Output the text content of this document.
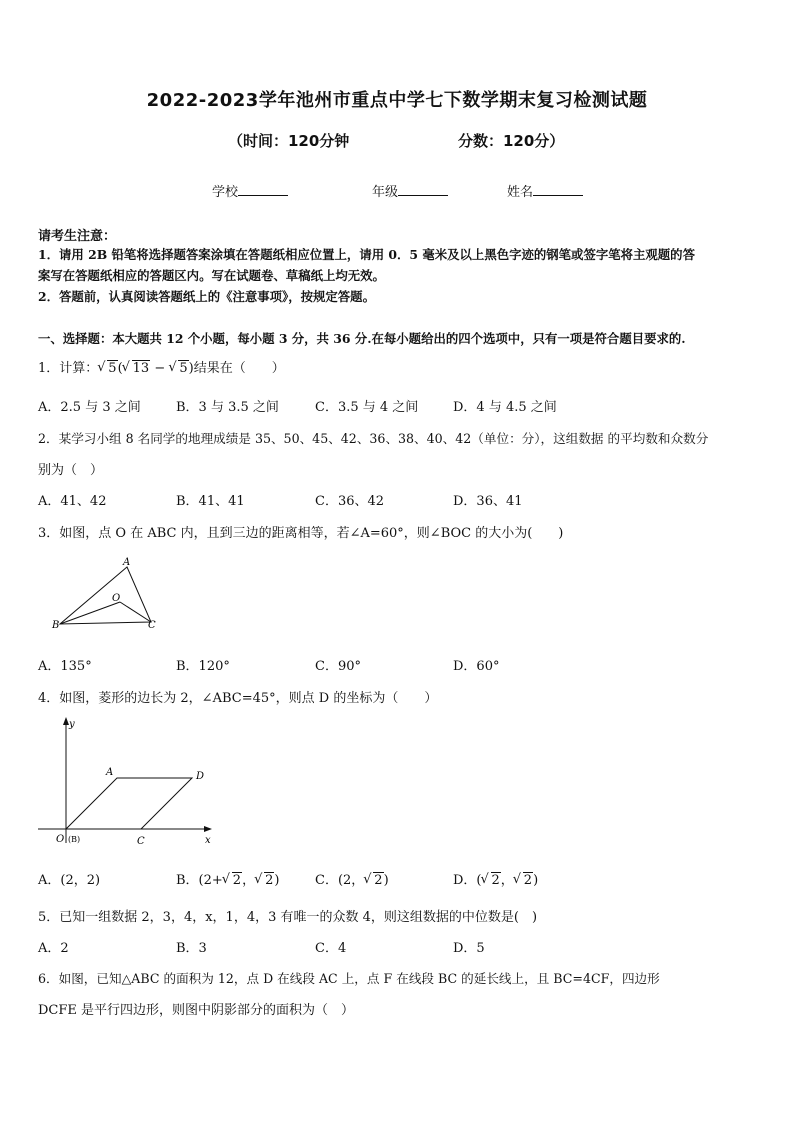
2022-2023学年池州市重点中学七下数学期末复习检测试题
（时间：120分钟	分数：120分）
学校	年级	姓名
请考生注意：
1．请用 2B 铅笔将选择题答案涂填在答题纸相应位置上，请用 0．5 毫米及以上黑色字迹的钢笔或签字笔将主观题的答
案写在答题纸相应的答题区内。写在试题卷、草稿纸上均无效。
2．答题前，认真阅读答题纸上的《注意事项》，按规定答题。
一、选择题：本大题共 12 个小题，每小题 3 分，共 36 分.在每小题给出的四个选项中，只有一项是符合题目要求的.
1．计算： √ 5( √ 13 − √ 5)结果在（　　）
A．2.5 与 3 之间	B．3 与 3.5 之间	C．3.5 与 4 之间	D．4 与 4.5 之间
2．某学习小组 8 名同学的地理成绩是 35、50、45、42、36、38、40、42（单位：分），这组数据 的平均数和众数分
别为（　）
A．41、42	B．41、41	C．36、42	D．36、41
3．如图，点 O 在 ABC 内，且到三边的距离相等，若∠A=60°，则∠BOC 的大小为(　　)
A
O
B	C
A．135°	B．120°	C．90°	D．60°
4．如图，菱形的边长为 2，∠ABC=45°，则点 D 的坐标为（　　）
y
x
A	D
O (B)	C
A．(2，2)	B．(2+ √ 2， √ 2)	C．(2， √ 2)	D．( √ 2， √ 2)
5．已知一组数据 2，3，4，x，1，4，3 有唯一的众数 4，则这组数据的中位数是(　)
A．2	B．3	C．4	D．5
6．如图，已知△ABC 的面积为 12，点 D 在线段 AC 上，点 F 在线段 BC 的延长线上，且 BC=4CF，四边形
DCFE 是平行四边形，则图中阴影部分的面积为（　）
